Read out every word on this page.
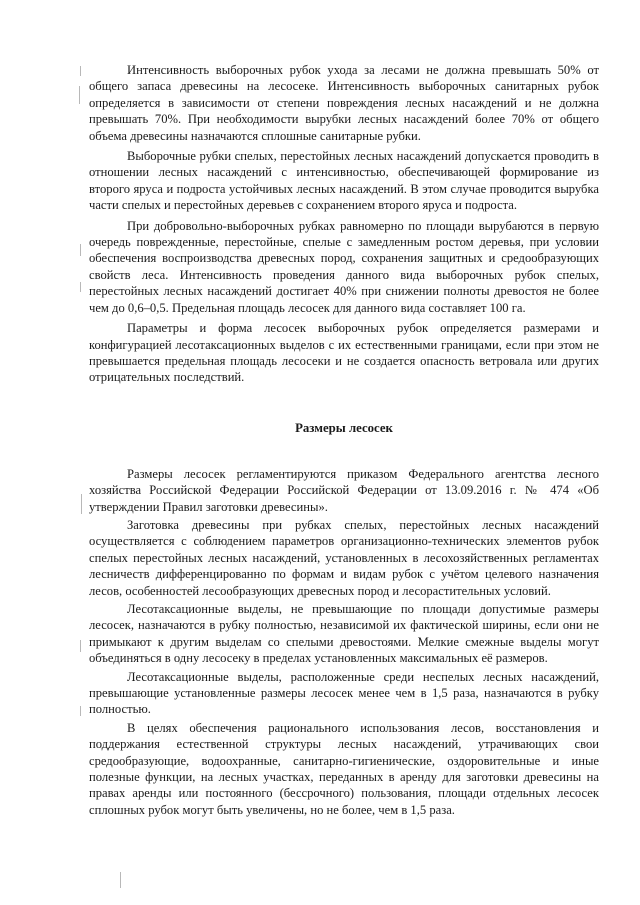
Интенсивность выборочных рубок ухода за лесами не должна превышать 50% от общего запаса древесины на лесосеке. Интенсивность выборочных санитарных рубок определяется в зависимости от степени повреждения лесных насаждений и не должна превышать 70%. При необходимости вырубки лесных насаждений более 70% от общего объема древесины назначаются сплошные санитарные рубки.

Выборочные рубки спелых, перестойных лесных насаждений допускается проводить в отношении лесных насаждений с интенсивностью, обеспечивающей формирование из второго яруса и подроста устойчивых лесных насаждений. В этом случае проводится вырубка части спелых и перестойных деревьев с сохранением второго яруса и подроста.

При добровольно-выборочных рубках равномерно по площади вырубаются в первую очередь поврежденные, перестойные, спелые с замедленным ростом деревья, при условии обеспечения воспроизводства древесных пород, сохранения защитных и средообразующих свойств леса. Интенсивность проведения данного вида выборочных рубок спелых, перестойных лесных насаждений достигает 40% при снижении полноты древостоя не более чем до 0,6–0,5. Предельная площадь лесосек для данного вида составляет 100 га.

Параметры и форма лесосек выборочных рубок определяется размерами и конфигурацией лесотаксационных выделов с их естественными границами, если при этом не превышается предельная площадь лесосеки и не создается опасность ветровала или других отрицательных последствий.

Размеры лесосек

Размеры лесосек регламентируются приказом Федерального агентства лесного хозяйства Российской Федерации Российской Федерации от 13.09.2016 г. № 474 «Об утверждении Правил заготовки древесины».

Заготовка древесины при рубках спелых, перестойных лесных насаждений осуществляется с соблюдением параметров организационно-технических элементов рубок спелых перестойных лесных насаждений, установленных в лесохозяйственных регламентах лесничеств дифференцированно по формам и видам рубок с учётом целевого назначения лесов, особенностей лесообразующих древесных пород и лесорастительных условий.

Лесотаксационные выделы, не превышающие по площади допустимые размеры лесосек, назначаются в рубку полностью, независимой их фактической ширины, если они не примыкают к другим выделам со спелыми древостоями. Мелкие смежные выделы могут объединяться в одну лесосеку в пределах установленных максимальных её размеров.

Лесотаксационные выделы, расположенные среди неспелых лесных насаждений, превышающие установленные размеры лесосек менее чем в 1,5 раза, назначаются в рубку полностью.

В целях обеспечения рационального использования лесов, восстановления и поддержания естественной структуры лесных насаждений, утрачивающих свои средообразующие, водоохранные, санитарно-гигиенические, оздоровительные и иные полезные функции, на лесных участках, переданных в аренду для заготовки древесины на правах аренды или постоянного (бессрочного) пользования, площади отдельных лесосек сплошных рубок могут быть увеличены, но не более, чем в 1,5 раза.
